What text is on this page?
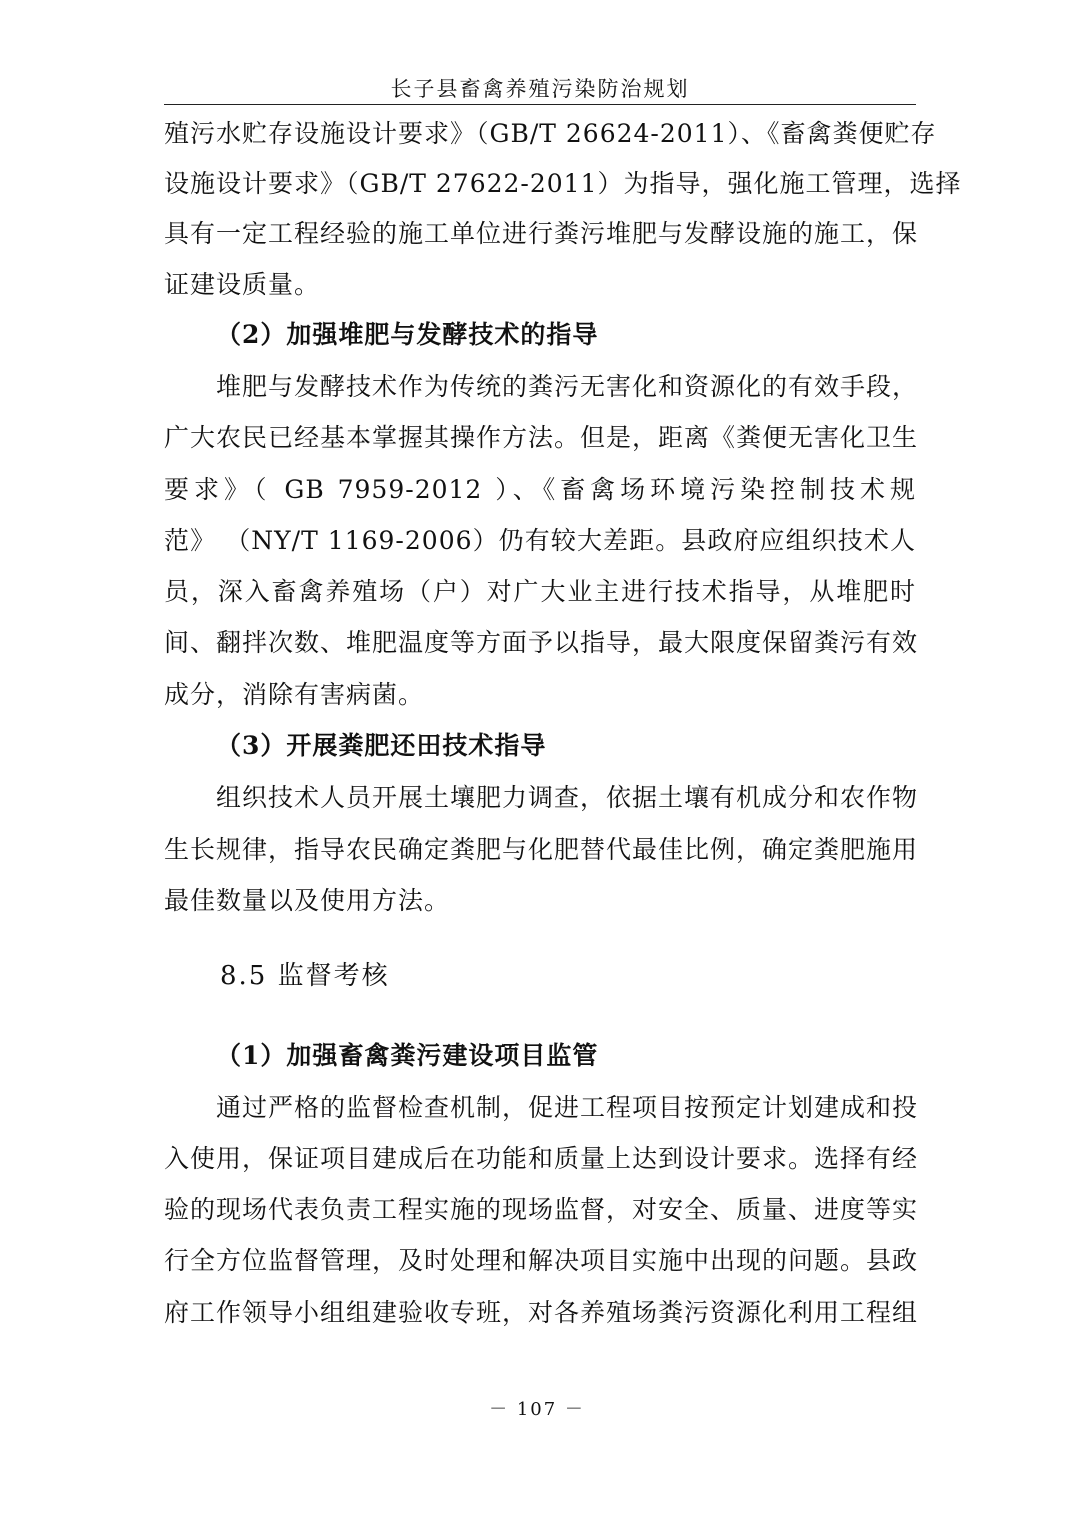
长子县畜禽养殖污染防治规划
殖污水贮存设施设计要求》（GB/T 26624-2011）、《畜禽粪便贮存
设施设计要求》（GB/T 27622-2011）为指导，强化施工管理，选择
具有一定工程经验的施工单位进行粪污堆肥与发酵设施的施工，保
证建设质量。
（2）加强堆肥与发酵技术的指导
堆肥与发酵技术作为传统的粪污无害化和资源化的有效手段，
广大农民已经基本掌握其操作方法。但是，距离《粪便无害化卫生
要求》（ GB 7959-2012 ）、《畜禽场环境污染控制技术规
范》 （NY/T 1169-2006）仍有较大差距。县政府应组织技术人
员，深入畜禽养殖场（户）对广大业主进行技术指导，从堆肥时
间、翻拌次数、堆肥温度等方面予以指导，最大限度保留粪污有效
成分，消除有害病菌。
（3）开展粪肥还田技术指导
组织技术人员开展土壤肥力调查，依据土壤有机成分和农作物
生长规律，指导农民确定粪肥与化肥替代最佳比例，确定粪肥施用
最佳数量以及使用方法。
8.5 监督考核
（1）加强畜禽粪污建设项目监管
通过严格的监督检查机制，促进工程项目按预定计划建成和投
入使用，保证项目建成后在功能和质量上达到设计要求。选择有经
验的现场代表负责工程实施的现场监督，对安全、质量、进度等实
行全方位监督管理，及时处理和解决项目实施中出现的问题。县政
府工作领导小组组建验收专班，对各养殖场粪污资源化利用工程组
－ 107 －
